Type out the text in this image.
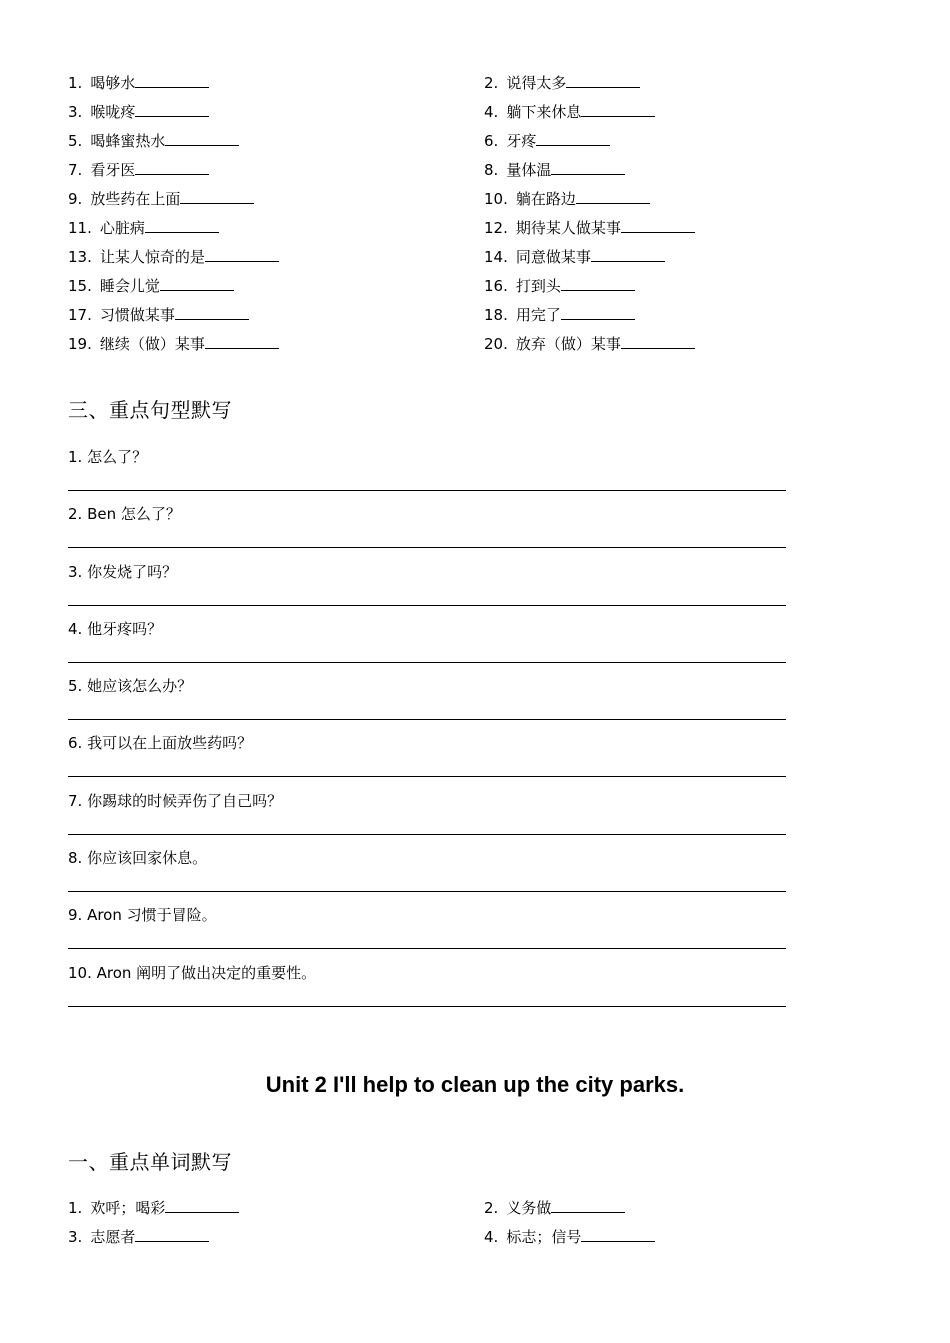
1. 喝够水	2. 说得太多
3. 喉咙疼	4. 躺下来休息
5. 喝蜂蜜热水	6. 牙疼
7. 看牙医	8. 量体温
9. 放些药在上面	10. 躺在路边
11. 心脏病	12. 期待某人做某事
13. 让某人惊奇的是	14. 同意做某事
15. 睡会儿觉	16. 打到头
17. 习惯做某事	18. 用完了
19. 继续（做）某事	20. 放弃（做）某事
三、重点句型默写
1. 怎么了？
2. Ben 怎么了？
3. 你发烧了吗？
4. 他牙疼吗？
5. 她应该怎么办？
6. 我可以在上面放些药吗？
7. 你踢球的时候弄伤了自己吗？
8. 你应该回家休息。
9. Aron 习惯于冒险。
10. Aron 阐明了做出决定的重要性。
Unit 2 I'll help to clean up the city parks.
一、重点单词默写
1. 欢呼；喝彩	2. 义务做
3. 志愿者	4. 标志；信号
